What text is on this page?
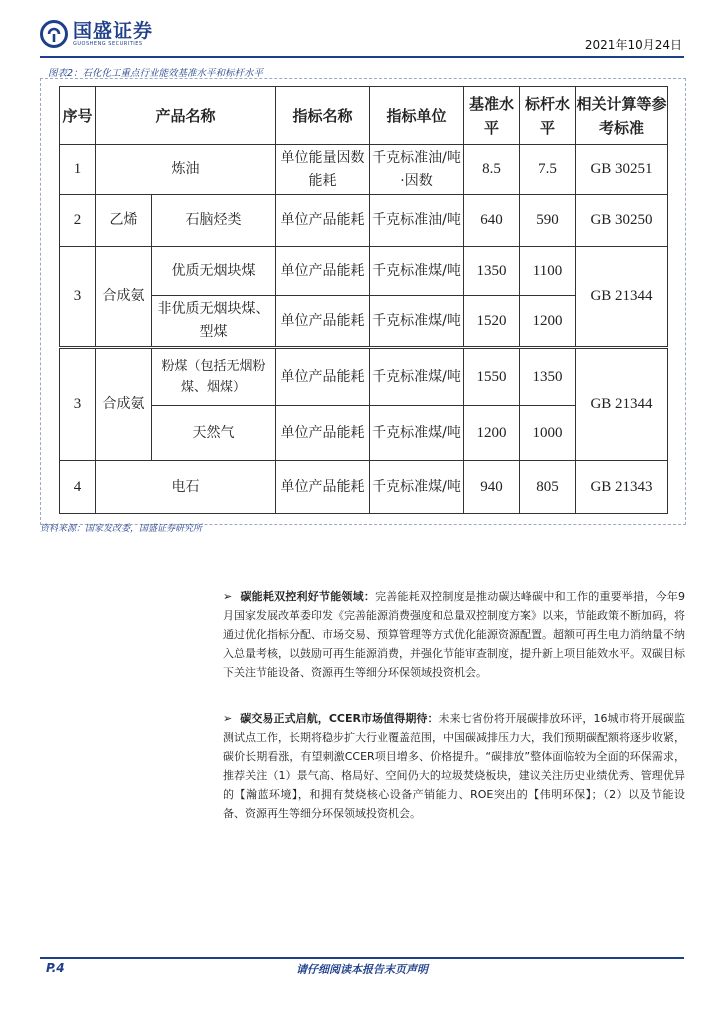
国盛证券
GUOSHENG SECURITIES	2021年10月24日
图表2：石化化工重点行业能效基准水平和标杆水平
序号	产品名称		指标名称	指标单位	基准水平	标杆水平	相关计算等参考标准
1	炼油		单位能量因数能耗	千克标准油/吨·因数	8.5	7.5	GB 30251
2	乙烯	石脑烃类	单位产品能耗	千克标准油/吨	640	590	GB 30250
3	合成氨	优质无烟块煤	单位产品能耗	千克标准煤/吨	1350	1100	GB 21344
		非优质无烟块煤、型煤	单位产品能耗	千克标准煤/吨	1520	1200	
3	合成氨	粉煤（包括无烟粉煤、烟煤）	单位产品能耗	千克标准煤/吨	1550	1350	GB 21344
		天然气	单位产品能耗	千克标准煤/吨	1200	1000	
4	电石		单位产品能耗	千克标准煤/吨	940	805	GB 21343
资料来源：国家发改委，国盛证券研究所
➢ 碳能耗双控利好节能领域：完善能耗双控制度是推动碳达峰碳中和工作的重要举措，今年9月国家发展改革委印发《完善能源消费强度和总量双控制度方案》以来，节能政策不断加码，将通过优化指标分配、市场交易、预算管理等方式优化能源资源配置。超额可再生电力消纳量不纳入总量考核，以鼓励可再生能源消费，并强化节能审查制度，提升新上项目能效水平。双碳目标下关注节能设备、资源再生等细分环保领域投资机会。
➢ 碳交易正式启航，CCER市场值得期待：未来七省份将开展碳排放环评，16城市将开展碳监测试点工作，长期将稳步扩大行业覆盖范围，中国碳减排压力大，我们预期碳配额将逐步收紧，碳价长期看涨，有望刺激CCER项目增多、价格提升。“碳排放”整体面临较为全面的环保需求，推荐关注（1）景气高、格局好、空间仍大的垃圾焚烧板块，建议关注历史业绩优秀、管理优异的【瀚蓝环境】，和拥有焚烧核心设备产销能力、ROE突出的【伟明环保】；（2）以及节能设备、资源再生等细分环保领域投资机会。
P.4	请仔细阅读本报告末页声明
